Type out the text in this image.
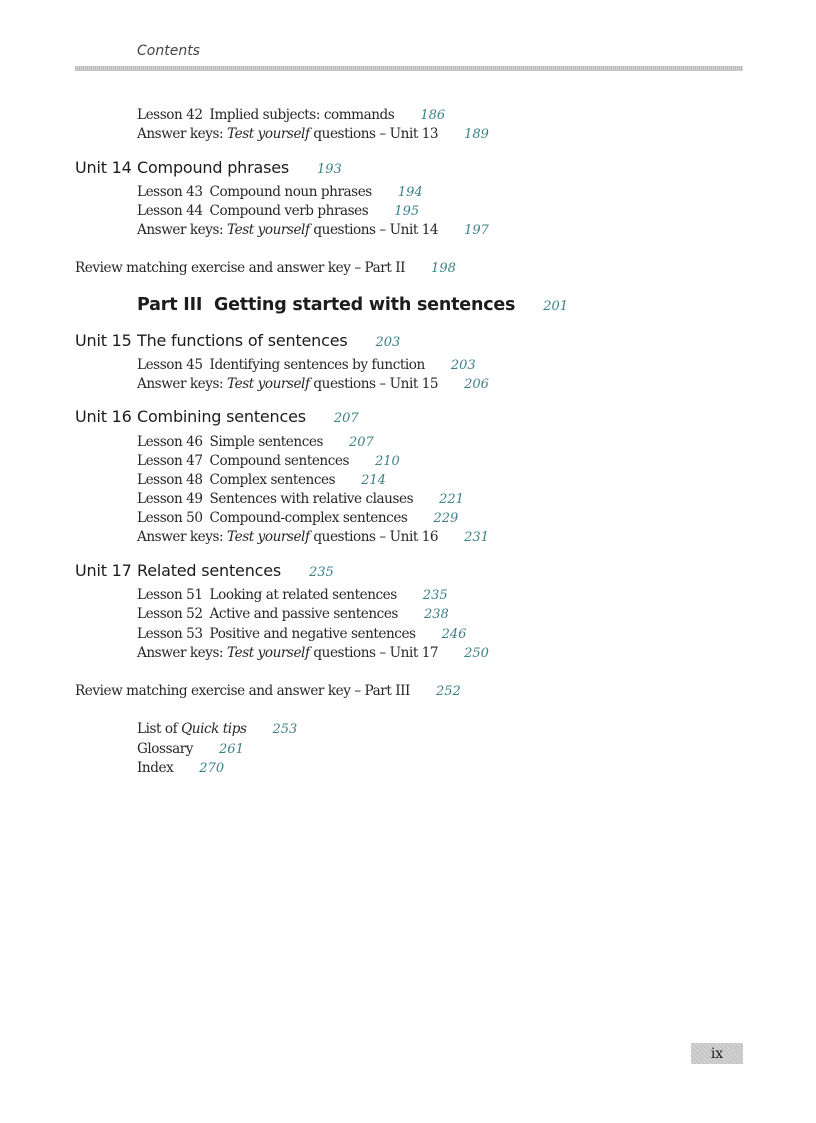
Contents
Lesson 42 Implied subjects: commands 186
Answer keys: Test yourself questions – Unit 13 189
Unit 14 Compound phrases 193
Lesson 43 Compound noun phrases 194
Lesson 44 Compound verb phrases 195
Answer keys: Test yourself questions – Unit 14 197
Review matching exercise and answer key – Part II 198
Part III  Getting started with sentences 201
Unit 15 The functions of sentences 203
Lesson 45 Identifying sentences by function 203
Answer keys: Test yourself questions – Unit 15 206
Unit 16 Combining sentences 207
Lesson 46 Simple sentences 207
Lesson 47 Compound sentences 210
Lesson 48 Complex sentences 214
Lesson 49 Sentences with relative clauses 221
Lesson 50 Compound-complex sentences 229
Answer keys: Test yourself questions – Unit 16 231
Unit 17 Related sentences 235
Lesson 51 Looking at related sentences 235
Lesson 52 Active and passive sentences 238
Lesson 53 Positive and negative sentences 246
Answer keys: Test yourself questions – Unit 17 250
Review matching exercise and answer key – Part III 252
List of Quick tips 253
Glossary 261
Index 270
ix
